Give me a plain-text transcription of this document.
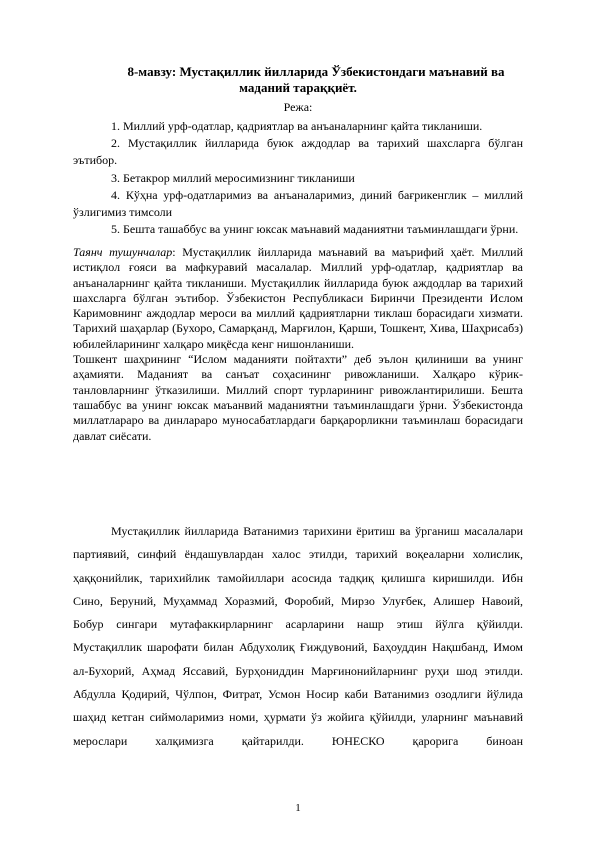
8-мавзу: Мустақиллик йилларида Ўзбекистондаги маънавий ва
маданий тараққиёт.

Режа:

1. Миллий урф-одатлар, қадриятлар ва анъаналарнинг қайта тикланиши.
2. Мустақиллик йилларида буюк аждодлар ва тарихий шахсларга бўлган эътибор.
3. Бетакрор миллий меросимизнинг тикланиши
4. Кўҳна урф-одатларимиз ва анъаналаримиз, диний бағрикенглик – миллий ўзлигимиз тимсоли
5. Бешта ташаббус ва унинг юксак маънавий маданиятни таъминлашдаги ўрни.

Таянч тушунчалар: Мустақиллик йилларида маънавий ва маърифий ҳаёт. Миллий истиқлол ғояси ва мафкуравий масалалар. Миллий урф-одатлар, қадриятлар ва анъаналарнинг қайта тикланиши. Мустақиллик йилларида буюк аждодлар ва тарихий шахсларга бўлган эътибор. Ўзбекистон Республикаси Биринчи Президенти Ислом Каримовнинг аждодлар мероси ва миллий қадриятларни тиклаш борасидаги хизмати. Тарихий шаҳарлар (Бухоро, Самарқанд, Марғилон, Қарши, Тошкент, Хива, Шаҳрисабз) юбилейларининг халқаро миқёсда кенг нишонланиши.

Тошкент шаҳрининг “Ислом маданияти пойтахти” деб эълон қилиниши ва унинг аҳамияти. Маданият ва санъат соҳасининг ривожланиши. Халқаро кўрик-танловларнинг ўтказилиши. Миллий спорт турларининг ривожлантирилиши. Бешта ташаббус ва унинг юксак маъанвий маданиятни таъминлашдаги ўрни. Ўзбекистонда миллатлараро ва динлараро муносабатлардаги барқарорликни таъминлаш борасидаги давлат сиёсати.

Мустақиллик йилларида Ватанимиз тарихини ёритиш ва ўрганиш масалалари партиявий, синфий ёндашувлардан халос этилди, тарихий воқеаларни холислик, ҳаққонийлик, тарихийлик тамойиллари асосида тадқиқ қилишга киришилди. Ибн Сино, Беруний, Муҳаммад Хоразмий, Форобий, Мирзо Улуғбек, Алишер Навоий, Бобур сингари мутафаккирларнинг асарларини нашр этиш йўлга қўйилди. Мустақиллик шарофати билан Абдухолиқ Ғиждувоний, Баҳоуддин Нақшбанд, Имом ал-Бухорий, Аҳмад Яссавий, Бурҳониддин Марғинонийларнинг руҳи шод этилди. Абдулла Қодирий, Чўлпон, Фитрат, Усмон Носир каби Ватанимиз озодлиги йўлида шаҳид кетган сиймоларимиз номи, ҳурмати ўз жойига қўйилди, уларнинг маънавий мерослари халқимизга қайтарилди. ЮНЕСКО қарорига биноан

1
